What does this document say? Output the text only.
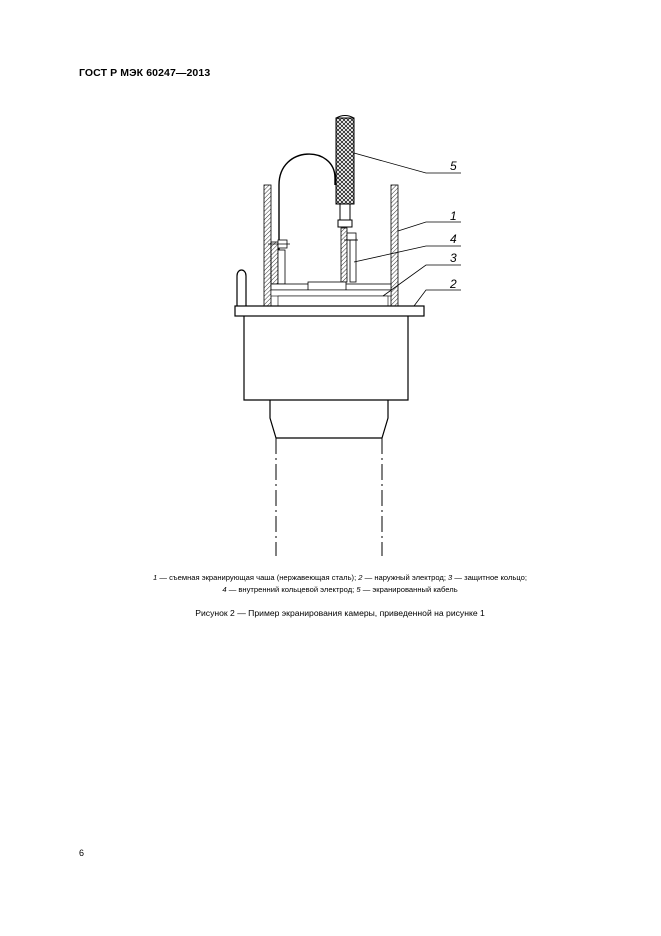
ГОСТ Р МЭК 60247—2013
5
1
4
3
2
1 — съемная экранирующая чаша (нержавеющая сталь); 2 — наружный электрод; 3 — защитное кольцо;
4 — внутренний кольцевой электрод; 5 — экранированный кабель
Рисунок 2 — Пример экранирования камеры, приведенной на рисунке 1
6
